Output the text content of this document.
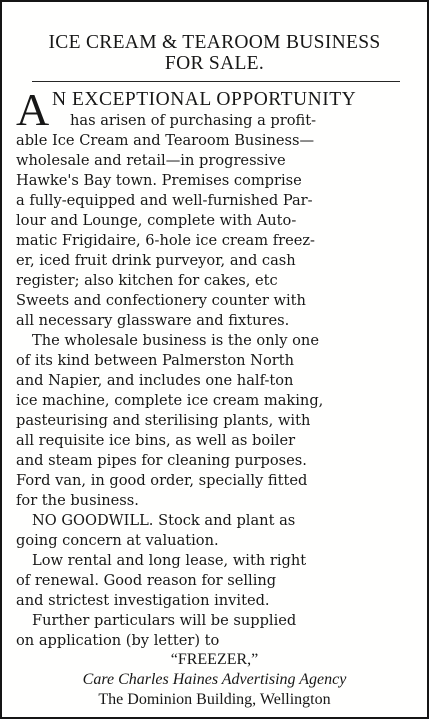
ICE CREAM & TEAROOM BUSINESS
FOR SALE.
A N EXCEPTIONAL OPPORTUNITY
has arisen of purchasing a profit-
able Ice Cream and Tearoom Business—
wholesale and retail—in progressive
Hawke's Bay town. Premises comprise
a fully-equipped and well-furnished Par-
lour and Lounge, complete with Auto-
matic Frigidaire, 6-hole ice cream freez-
er, iced fruit drink purveyor, and cash
register; also kitchen for cakes, etc
Sweets and confectionery counter with
all necessary glassware and fixtures.
The wholesale business is the only one
of its kind between Palmerston North
and Napier, and includes one half-ton
ice machine, complete ice cream making,
pasteurising and sterilising plants, with
all requisite ice bins, as well as boiler
and steam pipes for cleaning purposes.
Ford van, in good order, specially fitted
for the business.
NO GOODWILL. Stock and plant as
going concern at valuation.
Low rental and long lease, with right
of renewal. Good reason for selling
and strictest investigation invited.
Further particulars will be supplied
on application (by letter) to
“FREEZER,”
Care Charles Haines Advertising Agency
The Dominion Building, Wellington
